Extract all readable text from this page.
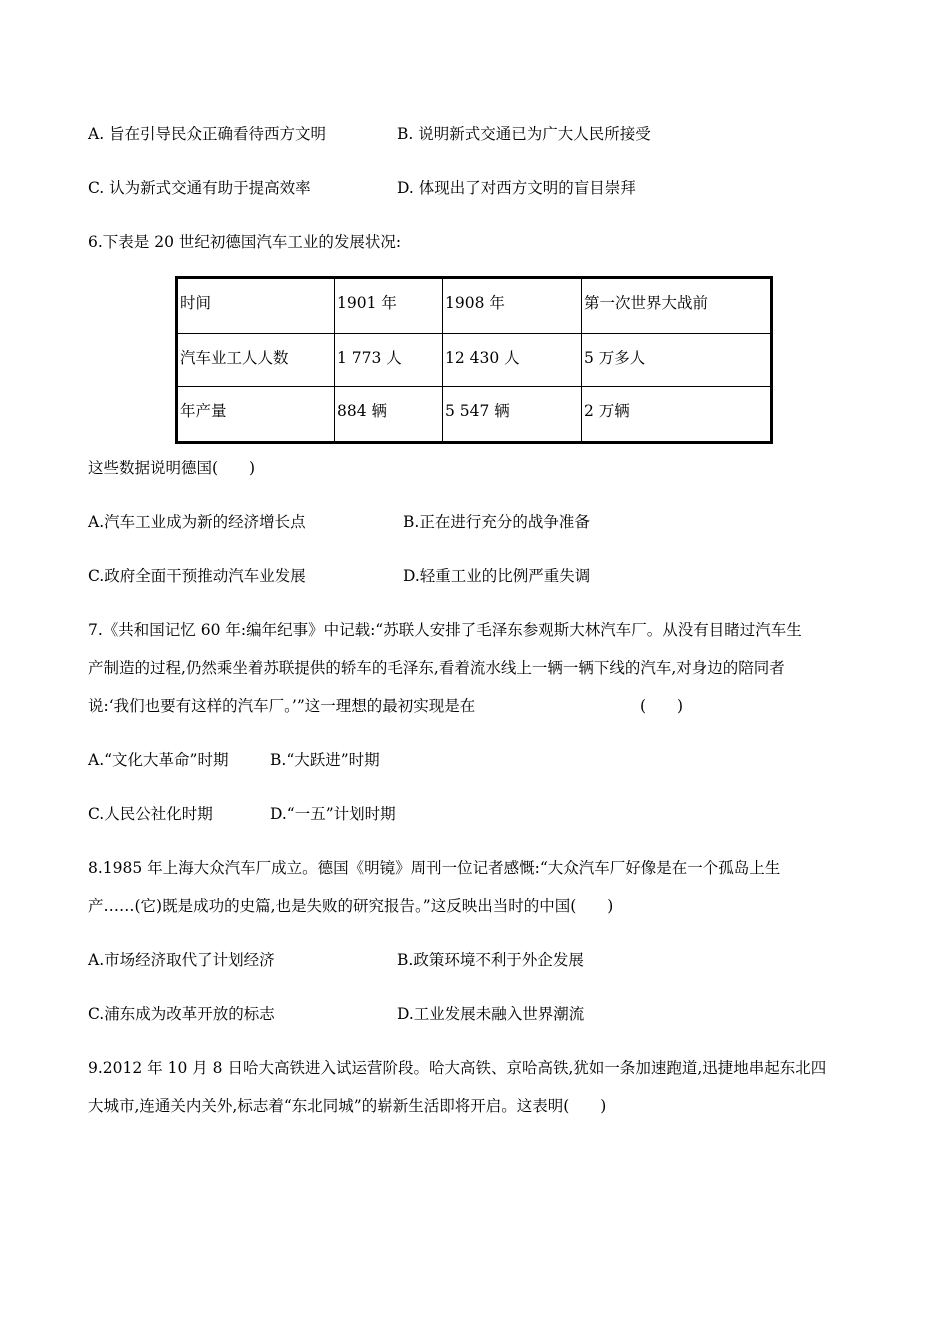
A. 旨在引导民众正确看待西方文明	B. 说明新式交通已为广大人民所接受
C. 认为新式交通有助于提高效率	D. 体现出了对西方文明的盲目崇拜
6.下表是 20 世纪初德国汽车工业的发展状况:
时间	1901 年	1908 年	第一次世界大战前
汽车业工人人数	1 773 人	12 430 人	5 万多人
年产量	884 辆	5 547 辆	2 万辆
这些数据说明德国(　　)
A.汽车工业成为新的经济增长点	B.正在进行充分的战争准备
C.政府全面干预推动汽车业发展	D.轻重工业的比例严重失调
7.《共和国记忆 60 年:编年纪事》中记载:“苏联人安排了毛泽东参观斯大林汽车厂。从没有目睹过汽车生
产制造的过程,仍然乘坐着苏联提供的轿车的毛泽东,看着流水线上一辆一辆下线的汽车,对身边的陪同者
说:‘我们也要有这样的汽车厂。’”这一理想的最初实现是在	(　　)
A.“文化大革命”时期	B.“大跃进”时期
C.人民公社化时期	D.“一五”计划时期
8.1985 年上海大众汽车厂成立。德国《明镜》周刊一位记者感慨:“大众汽车厂好像是在一个孤岛上生
产……(它)既是成功的史篇,也是失败的研究报告。”这反映出当时的中国(　　)
A.市场经济取代了计划经济	B.政策环境不利于外企发展
C.浦东成为改革开放的标志	D.工业发展未融入世界潮流
9.2012 年 10 月 8 日哈大高铁进入试运营阶段。哈大高铁、京哈高铁,犹如一条加速跑道,迅捷地串起东北四
大城市,连通关内关外,标志着“东北同城”的崭新生活即将开启。这表明(　　)
